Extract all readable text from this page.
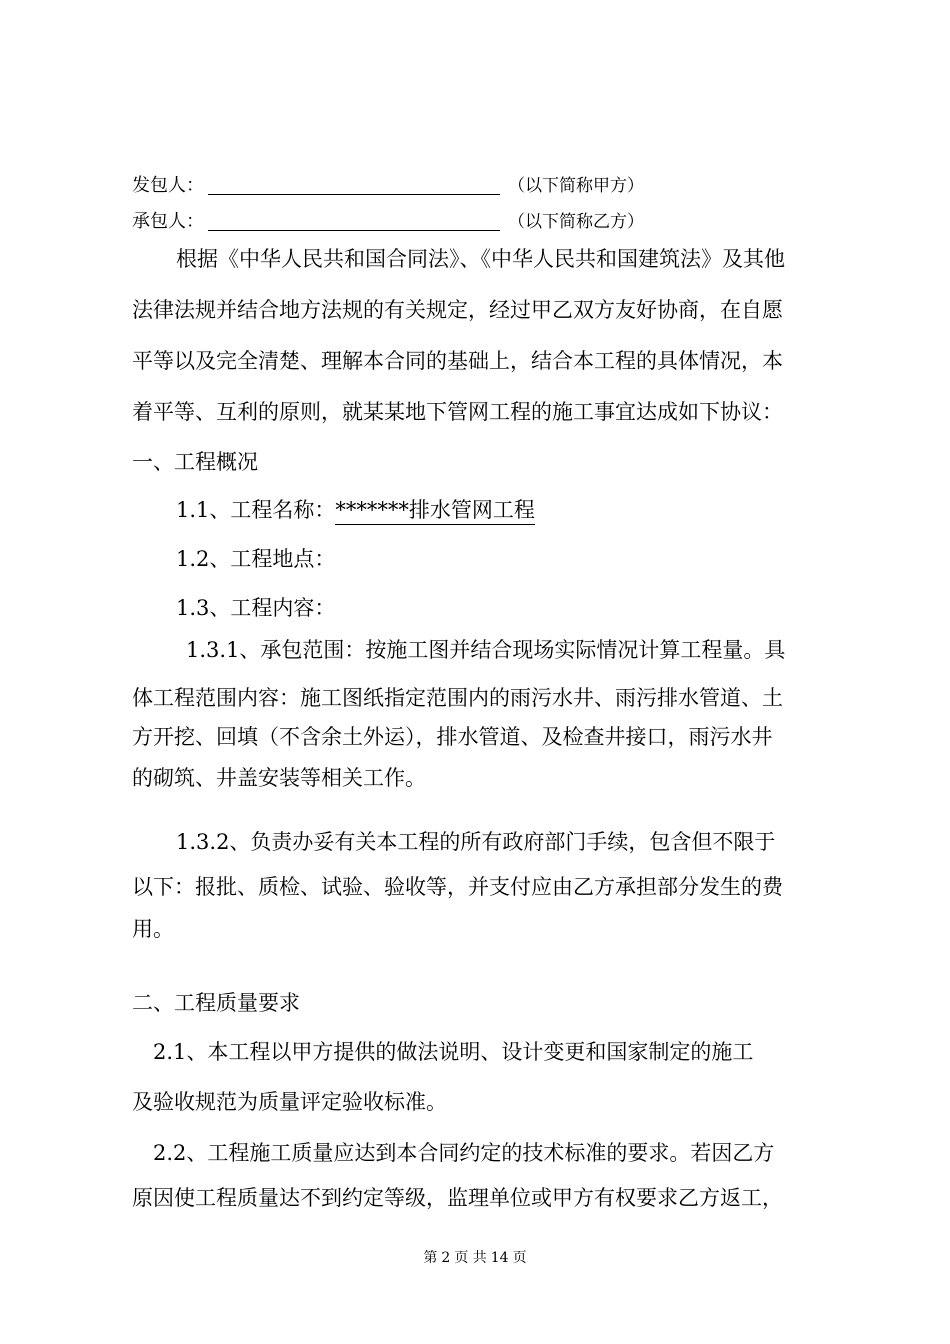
发包人：	（以下简称甲方）
承包人：	（以下简称乙方）
根据《中华人民共和国合同法》、《中华人民共和国建筑法》及其他
法律法规并结合地方法规的有关规定，经过甲乙双方友好协商，在自愿
平等以及完全清楚、理解本合同的基础上，结合本工程的具体情况，本
着平等、互利的原则，就某某地下管网工程的施工事宜达成如下协议：
一、工程概况
1.1、工程名称：*******排水管网工程
1.2、工程地点：
1.3、工程内容：
1.3.1、承包范围：按施工图并结合现场实际情况计算工程量。具
体工程范围内容：施工图纸指定范围内的雨污水井、雨污排水管道、土
方开挖、回填（不含余土外运），排水管道、及检查井接口，雨污水井
的砌筑、井盖安装等相关工作。
1.3.2、负责办妥有关本工程的所有政府部门手续，包含但不限于
以下：报批、质检、试验、验收等，并支付应由乙方承担部分发生的费
用。
二、工程质量要求
2.1、本工程以甲方提供的做法说明、设计变更和国家制定的施工
及验收规范为质量评定验收标准。
2.2、工程施工质量应达到本合同约定的技术标准的要求。若因乙方
原因使工程质量达不到约定等级，监理单位或甲方有权要求乙方返工，
第 2 页 共 14 页
